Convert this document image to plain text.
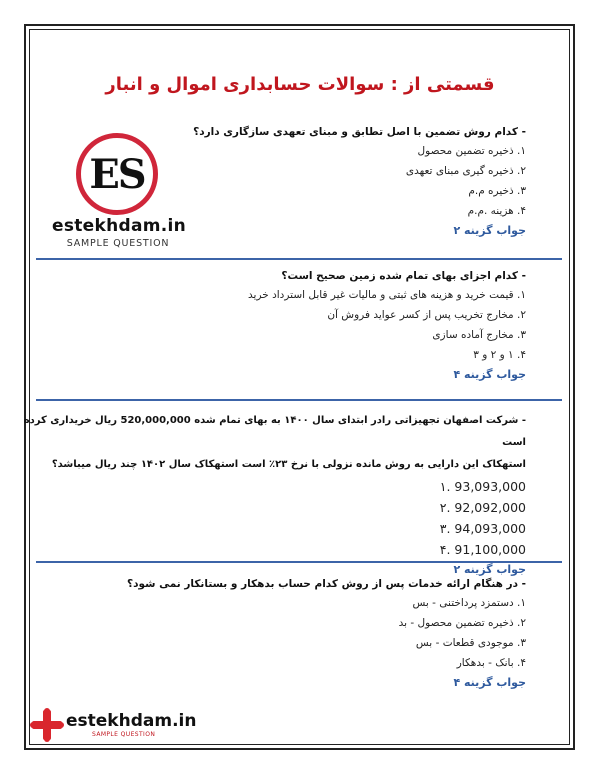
قسمتی از : سوالات حسابداری اموال و انبار
ES
estekhdam.in
SAMPLE QUESTION
- کدام روش تضمین با اصل تطابق و مبنای تعهدی سازگاری دارد؟
۱. ذخیره تضمین محصول
۲. ذخیره گیری مبنای تعهدی
۳. ذخیره م.م
۴. هزینه .م.م
جواب گزینه ۲
- کدام اجزای بهای تمام شده زمین صحیح است؟
۱. قیمت خرید و هزینه های ثبتی و مالیات غیر قابل استرداد خرید
۲. مخارج تخریب پس از کسر عواید فروش آن
۳. مخارج آماده سازی
۴. ۱ و ۲ و ۳
جواب گزینه ۴
- شرکت اصفهان تجهیزاتی رادر ابتدای سال ۱۴۰۰ به بهای تمام شده 520,000,000 ریال خریداری کرده است
استهکاک این دارایی به روش مانده نزولی با نرخ ۲۳٪ است استهکاک سال ۱۴۰۲ چند ریال میباشد؟
93,093,000 .۱
92,092,000 .۲
94,093,000 .۳
91,100,000 .۴
جواب گزینه ۲
- در هنگام ارائه خدمات پس از روش کدام حساب بدهکار و بستانکار نمی شود؟
۱. دستمزد پرداختنی - بس
۲. ذخیره تضمین محصول - بد
۳. موجودی قطعات - بس
۴. بانک - بدهکار
جواب گزینه ۴
estekhdam.in
SAMPLE QUESTION
